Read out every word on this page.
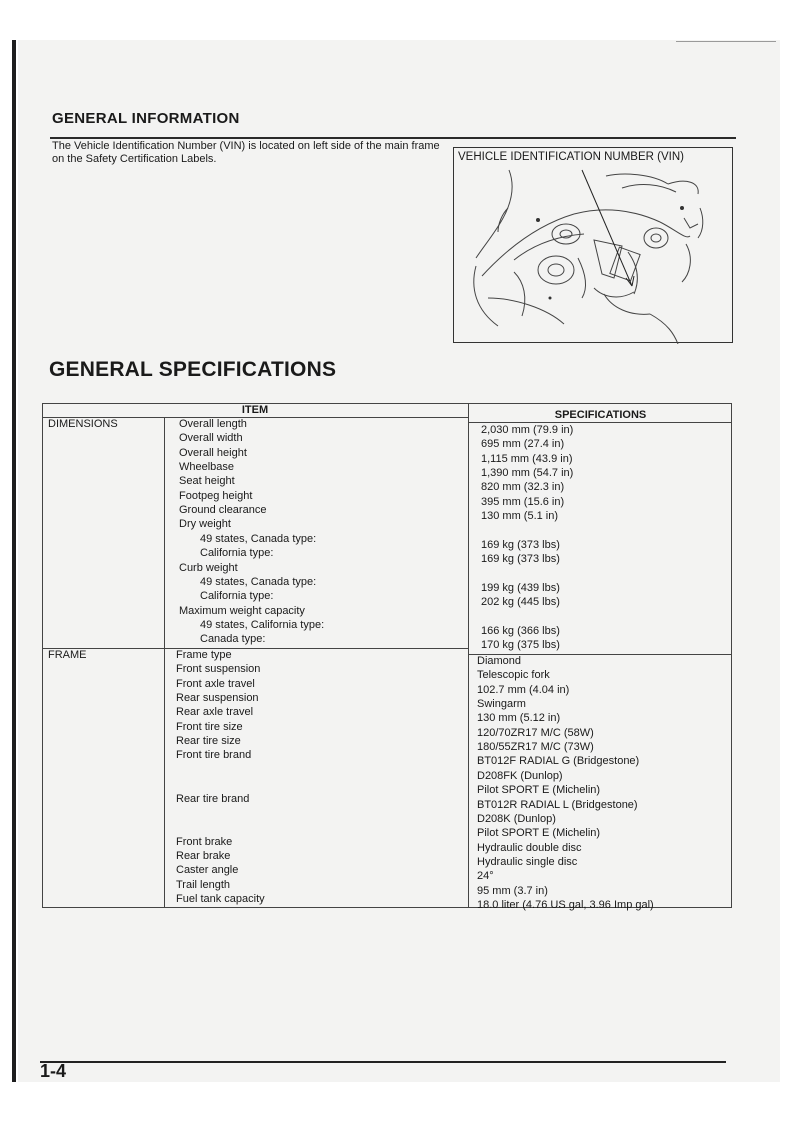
GENERAL INFORMATION

The Vehicle Identification Number (VIN) is located on left side of the main frame on the Safety Certification Labels.	VEHICLE IDENTIFICATION NUMBER (VIN)
GENERAL SPECIFICATIONS
ITEM	SPECIFICATIONS
DIMENSIONS	Overall length	2,030 mm (79.9 in)
Overall width	695 mm (27.4 in)
Overall height	1,115 mm (43.9 in)
Wheelbase	1,390 mm (54.7 in)
Seat height	820 mm (32.3 in)
Footpeg height	395 mm (15.6 in)
Ground clearance	130 mm (5.1 in)
Dry weight
49 states, Canada type:	169 kg (373 lbs)
California type:	169 kg (373 lbs)
Curb weight
49 states, Canada type:	199 kg (439 lbs)
California type:	202 kg (445 lbs)
Maximum weight capacity
49 states, California type:	166 kg (366 lbs)
Canada type:	170 kg (375 lbs)
FRAME	Frame type	Diamond
Front suspension	Telescopic fork
Front axle travel	102.7 mm (4.04 in)
Rear suspension	Swingarm
Rear axle travel	130 mm (5.12 in)
Front tire size	120/70ZR17 M/C (58W)
Rear tire size	180/55ZR17 M/C (73W)
Front tire brand	BT012F RADIAL G (Bridgestone)
D208FK (Dunlop)
Pilot SPORT E (Michelin)
Rear tire brand	BT012R RADIAL L (Bridgestone)
D208K (Dunlop)
Pilot SPORT E (Michelin)
Front brake	Hydraulic double disc
Rear brake	Hydraulic single disc
Caster angle	24°
Trail length	95 mm (3.7 in)
Fuel tank capacity	18.0 liter (4.76 US gal, 3.96 Imp gal)
1-4
